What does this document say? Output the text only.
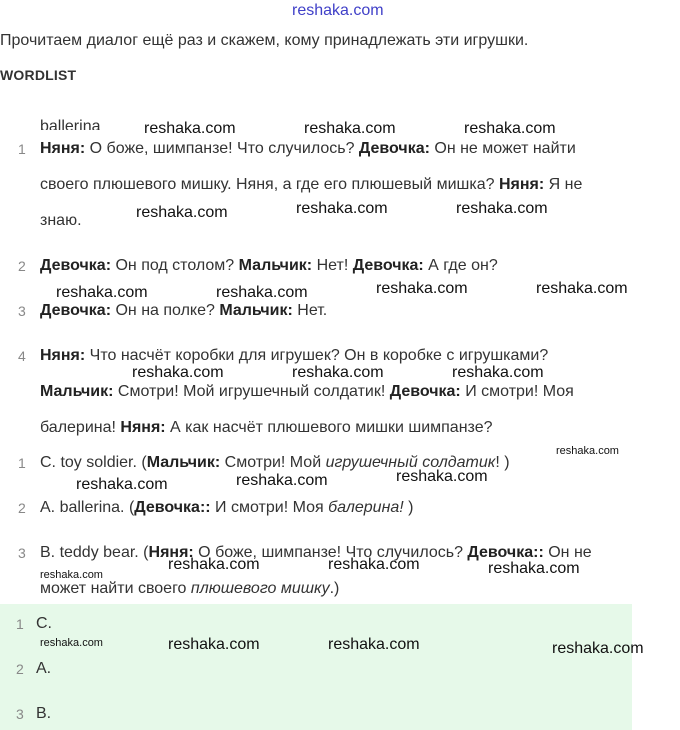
reshaka.com
Прочитаем диалог ещё раз и скажем, кому принадлежать эти игрушки.
WORDLIST
ballerina
1 Няня: О боже, шимпанзе! Что случилось? Девочка: Он не может найти
своего плюшевого мишку. Няня, а где его плюшевый мишка? Няня: Я не
знаю.
2 Девочка: Он под столом? Мальчик: Нет! Девочка: А где он?
3 Девочка: Он на полке? Мальчик: Нет.
4 Няня: Что насчёт коробки для игрушек? Он в коробке с игрушками?
Мальчик: Смотри! Мой игрушечный солдатик! Девочка: И смотри! Моя
балерина! Няня: А как насчёт плюшевого мишки шимпанзе?
1 C. toy soldier. (Мальчик: Смотри! Мой игрушечный солдатик! )
2 A. ballerina. (Девочка:: И смотри! Моя балерина! )
3 B. teddy bear. (Няня: О боже, шимпанзе! Что случилось? Девочка:: Он не
может найти своего плюшевого мишку.)
1 C.
2 A.
3 B.
reshaka.com	reshaka.com	reshaka.com
reshaka.com	reshaka.com	reshaka.com
reshaka.com	reshaka.com	reshaka.com	reshaka.com
reshaka.com	reshaka.com	reshaka.com
reshaka.com
reshaka.com	reshaka.com	reshaka.com
reshaka.com	reshaka.com	reshaka.com
reshaka.com
reshaka.com	reshaka.com	reshaka.com	reshaka.com
